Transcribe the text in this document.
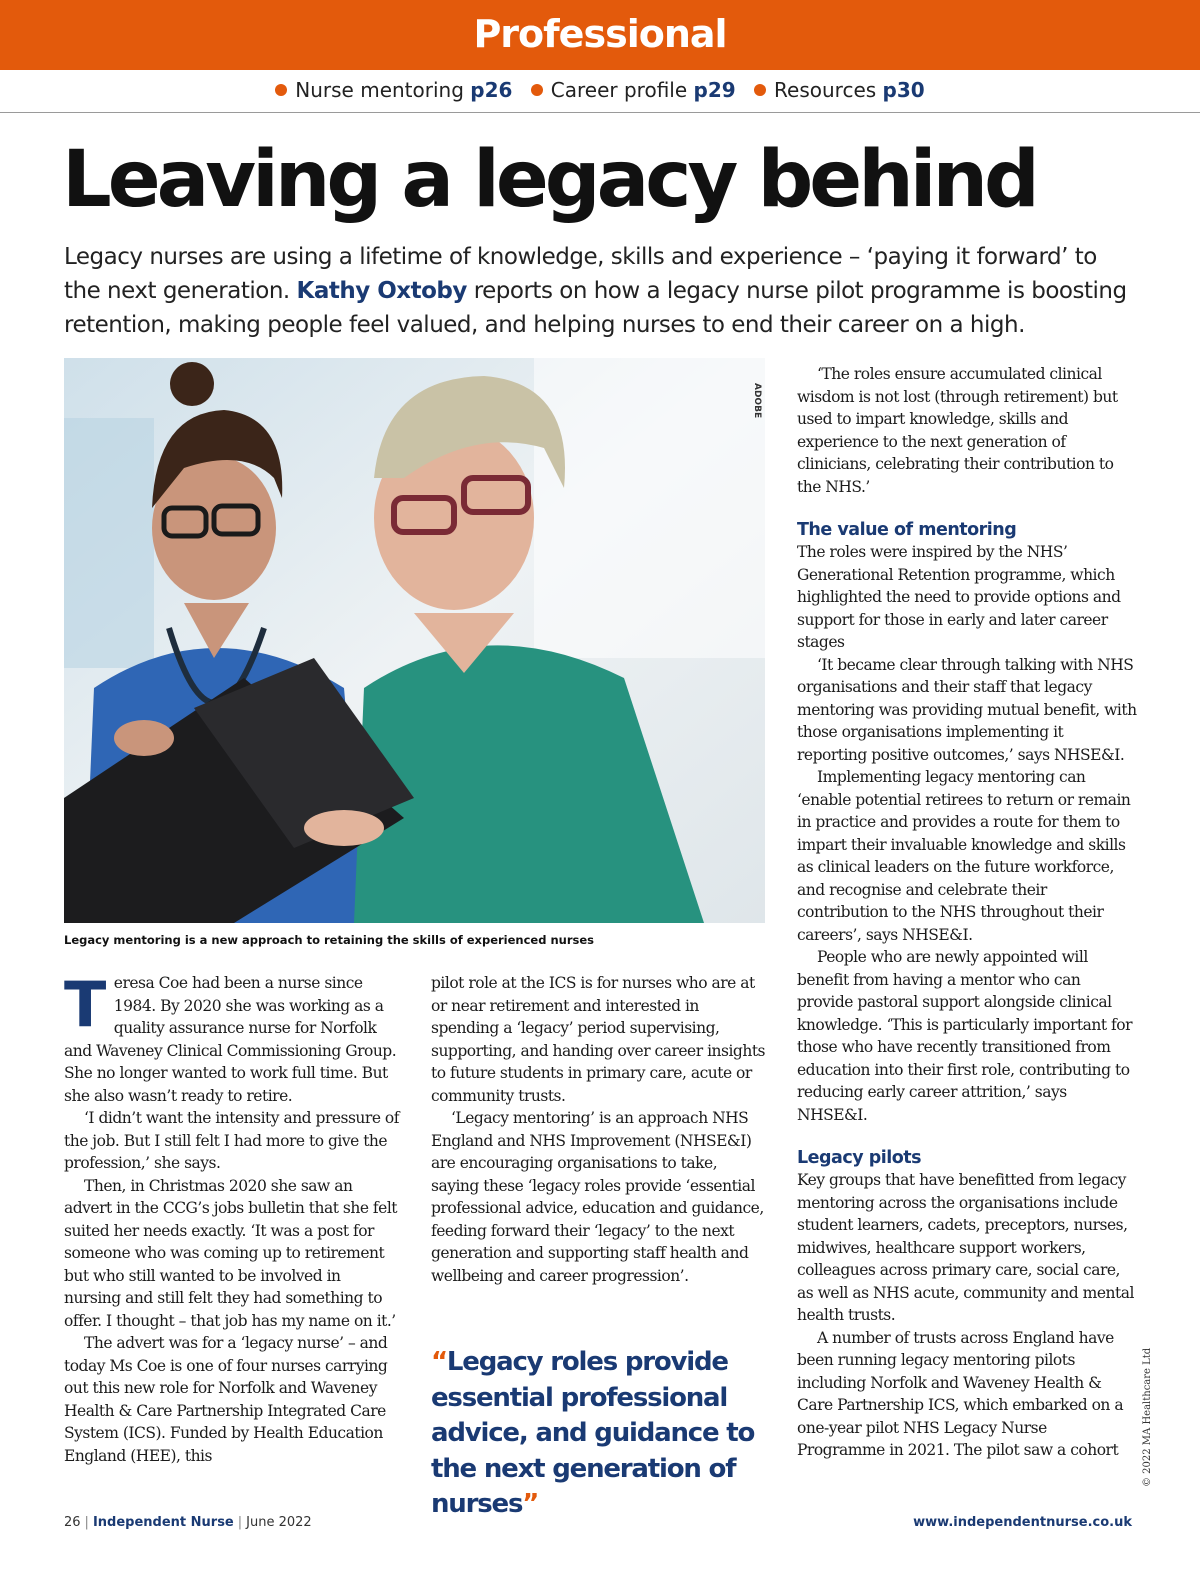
Professional
Nurse mentoring p26 Career profile p29 Resources p30
Leaving a legacy behind
Legacy nurses are using a lifetime of knowledge, skills and experience – ‘paying it forward’ to the next generation. Kathy Oxtoby reports on how a legacy nurse pilot programme is boosting retention, making people feel valued, and helping nurses to end their career on a high.
ADOBE
Legacy mentoring is a new approach to retaining the skills of experienced nurses

Teresa Coe had been a nurse since 1984. By 2020 she was working as a quality assurance nurse for Norfolk and Waveney Clinical Commissioning Group. She no longer wanted to work full time. But she also wasn’t ready to retire.

‘I didn’t want the intensity and pressure of the job. But I still felt I had more to give the profession,’ she says.

Then, in Christmas 2020 she saw an advert in the CCG’s jobs bulletin that she felt suited her needs exactly. ‘It was a post for someone who was coming up to retirement but who still wanted to be involved in nursing and still felt they had something to offer. I thought – that job has my name on it.’

The advert was for a ‘legacy nurse’ – and today Ms Coe is one of four nurses carrying out this new role for Norfolk and Waveney Health & Care Partnership Integrated Care System (ICS). Funded by Health Education England (HEE), this

pilot role at the ICS is for nurses who are at or near retirement and interested in spending a ‘legacy’ period supervising, supporting, and handing over career insights to future students in primary care, acute or community trusts.

‘Legacy mentoring’ is an approach NHS England and NHS Improvement (NHSE&I) are encouraging organisations to take, saying these ‘legacy roles provide ‘essential professional advice, education and guidance, feeding forward their ‘legacy’ to the next generation and supporting staff health and wellbeing and career progression’.

“Legacy roles provide essential professional advice, and guidance to the next generation of nurses”

‘The roles ensure accumulated clinical wisdom is not lost (through retirement) but used to impart knowledge, skills and experience to the next generation of clinicians, celebrating their contribution to the NHS.’

The value of mentoring

The roles were inspired by the NHS’ Generational Retention programme, which highlighted the need to provide options and support for those in early and later career stages

‘It became clear through talking with NHS organisations and their staff that legacy mentoring was providing mutual benefit, with those organisations implementing it reporting positive outcomes,’ says NHSE&I.

Implementing legacy mentoring can ‘enable potential retirees to return or remain in practice and provides a route for them to impart their invaluable knowledge and skills as clinical leaders on the future workforce, and recognise and celebrate their contribution to the NHS throughout their careers’, says NHSE&I.

People who are newly appointed will benefit from having a mentor who can provide pastoral support alongside clinical knowledge. ‘This is particularly important for those who have recently transitioned from education into their first role, contributing to reducing early career attrition,’ says NHSE&I.

Legacy pilots

Key groups that have benefitted from legacy mentoring across the organisations include student learners, cadets, preceptors, nurses, midwives, healthcare support workers, colleagues across primary care, social care, as well as NHS acute, community and mental health trusts.

A number of trusts across England have been running legacy mentoring pilots including Norfolk and Waveney Health & Care Partnership ICS, which embarked on a one-year pilot NHS Legacy Nurse Programme in 2021. The pilot saw a cohort	© 2022 MA Healthcare Ltd
26 | Independent Nurse | June 2022	www.independentnurse.co.uk
